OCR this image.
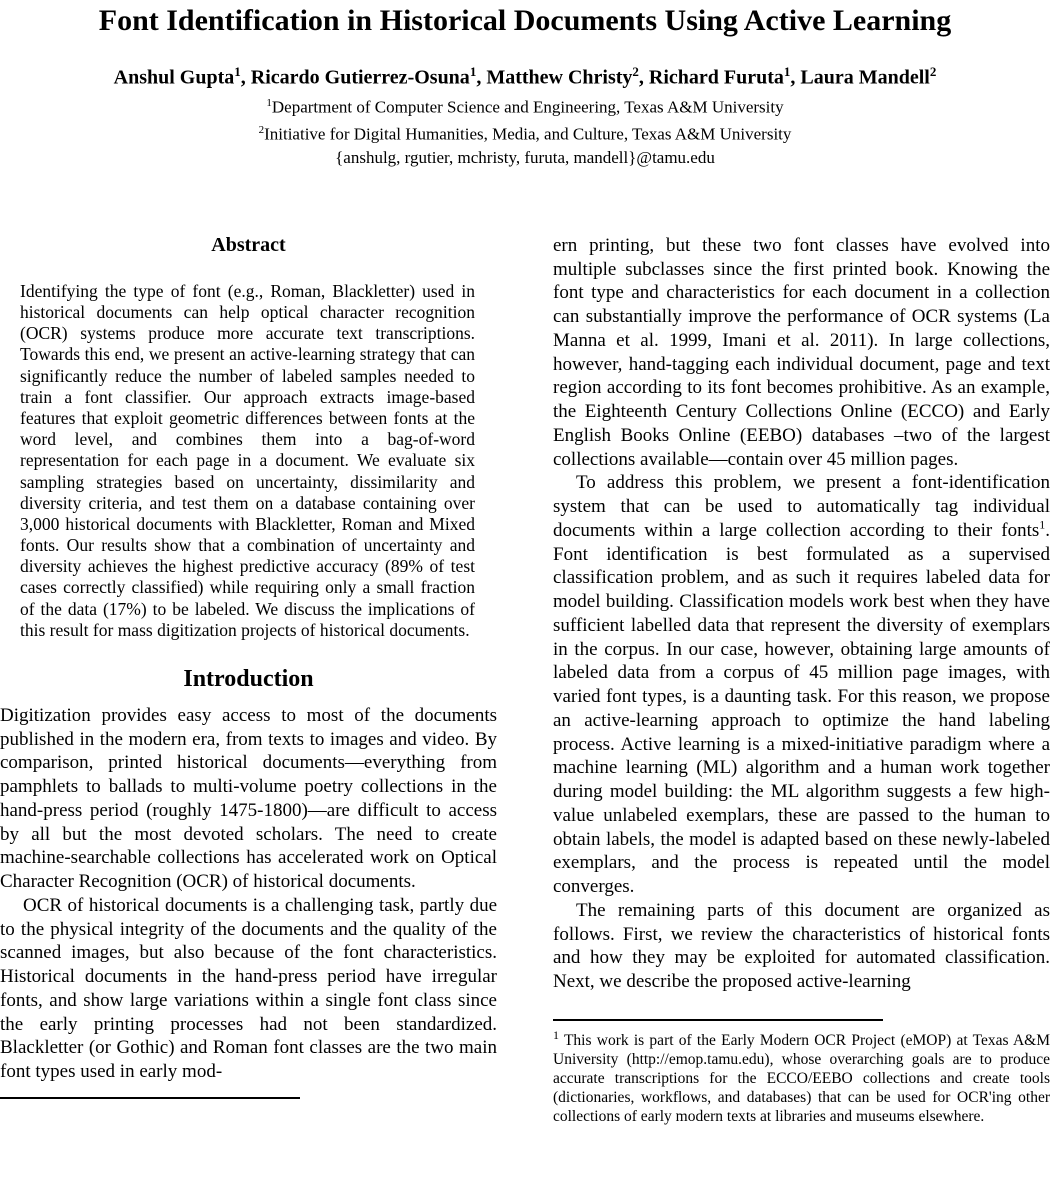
Font Identification in Historical Documents Using Active Learning
Anshul Gupta$^1$, Ricardo Gutierrez-Osuna$^1$, Matthew Christy$^2$, Richard Furuta$^1$, Laura Mandell$^2$
$^1$Department of Computer Science and Engineering, Texas A&M University
$^2$Initiative for Digital Humanities, Media, and Culture, Texas A&M University
{anshulg, rgutier, mchristy, furuta, mandell}@tamu.edu
Abstract

Identifying the type of font (e.g., Roman, Blackletter) used in historical documents can help optical character recognition (OCR) systems produce more accurate text transcriptions. Towards this end, we present an active-learning strategy that can significantly reduce the number of labeled samples needed to train a font classifier. Our approach extracts image-based features that exploit geometric differences between fonts at the word level, and combines them into a bag-of-word representation for each page in a document. We evaluate six sampling strategies based on uncertainty, dissimilarity and diversity criteria, and test them on a database containing over 3,000 historical documents with Blackletter, Roman and Mixed fonts. Our results show that a combination of uncertainty and diversity achieves the highest predictive accuracy (89% of test cases correctly classified) while requiring only a small fraction of the data (17%) to be labeled. We discuss the implications of this result for mass digitization projects of historical documents.

Introduction

Digitization provides easy access to most of the documents published in the modern era, from texts to images and video. By comparison, printed historical documents—everything from pamphlets to ballads to multi-volume poetry collections in the hand-press period (roughly 1475-1800)—are difficult to access by all but the most devoted scholars. The need to create machine-searchable collections has accelerated work on Optical Character Recognition (OCR) of historical documents.

OCR of historical documents is a challenging task, partly due to the physical integrity of the documents and the quality of the scanned images, but also because of the font characteristics. Historical documents in the hand-press period have irregular fonts, and show large variations within a single font class since the early printing processes had not been standardized. Blackletter (or Gothic) and Roman font classes are the two main font types used in early mod-

ern printing, but these two font classes have evolved into multiple subclasses since the first printed book. Knowing the font type and characteristics for each document in a collection can substantially improve the performance of OCR systems (La Manna et al. 1999, Imani et al. 2011). In large collections, however, hand-tagging each individual document, page and text region according to its font becomes prohibitive. As an example, the Eighteenth Century Collections Online (ECCO) and Early English Books Online (EEBO) databases –two of the largest collections available—contain over 45 million pages.

To address this problem, we present a font-identification system that can be used to automatically tag individual documents within a large collection according to their fonts$^1$. Font identification is best formulated as a supervised classification problem, and as such it requires labeled data for model building. Classification models work best when they have sufficient labelled data that represent the diversity of exemplars in the corpus. In our case, however, obtaining large amounts of labeled data from a corpus of 45 million page images, with varied font types, is a daunting task. For this reason, we propose an active-learning approach to optimize the hand labeling process. Active learning is a mixed-initiative paradigm where a machine learning (ML) algorithm and a human work together during model building: the ML algorithm suggests a few high-value unlabeled exemplars, these are passed to the human to obtain labels, the model is adapted based on these newly-labeled exemplars, and the process is repeated until the model converges.

The remaining parts of this document are organized as follows. First, we review the characteristics of historical fonts and how they may be exploited for automated classification. Next, we describe the proposed active-learning

$^1$ This work is part of the Early Modern OCR Project (eMOP) at Texas A&M University (http://emop.tamu.edu), whose overarching goals are to produce accurate transcriptions for the ECCO/EEBO collections and create tools (dictionaries, workflows, and databases) that can be used for OCR'ing other collections of early modern texts at libraries and museums elsewhere.
